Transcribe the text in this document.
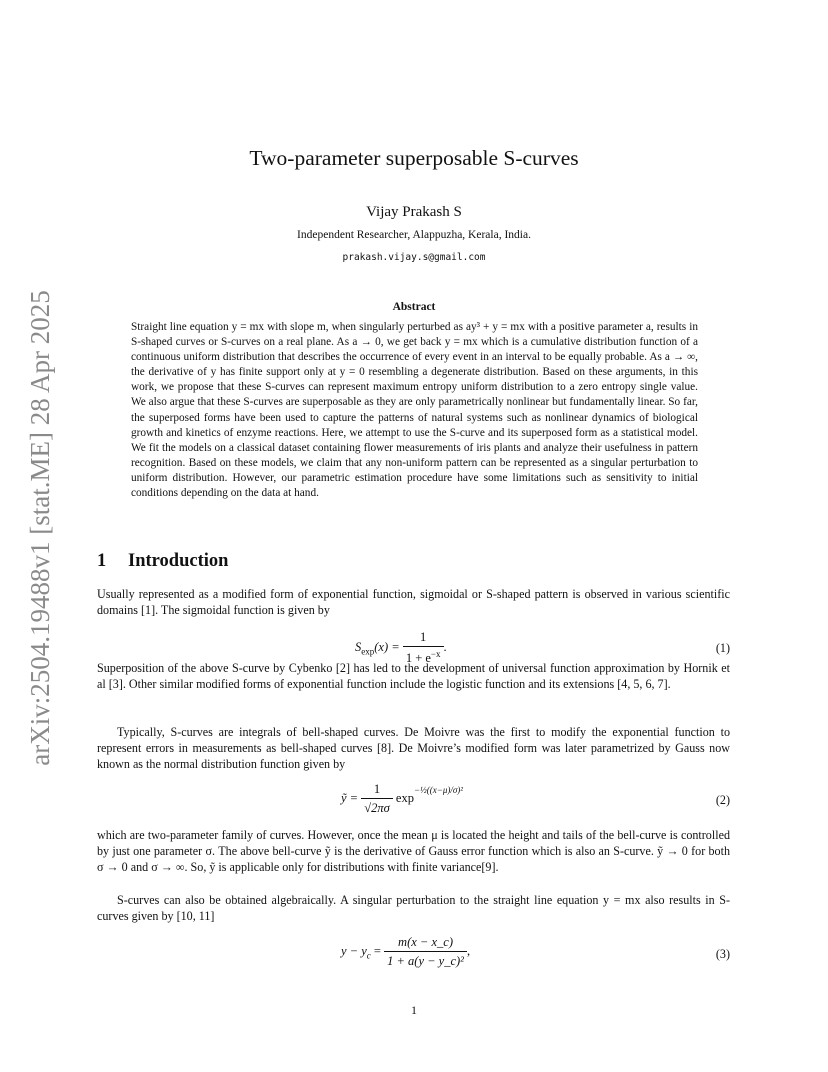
arXiv:2504.19488v1 [stat.ME] 28 Apr 2025
Two-parameter superposable S-curves
Vijay Prakash S
Independent Researcher, Alappuzha, Kerala, India.
prakash.vijay.s@gmail.com
Abstract
Straight line equation y = mx with slope m, when singularly perturbed as ay³ + y = mx with a positive parameter a, results in S-shaped curves or S-curves on a real plane. As a → 0, we get back y = mx which is a cumulative distribution function of a continuous uniform distribution that describes the occurrence of every event in an interval to be equally probable. As a → ∞, the derivative of y has finite support only at y = 0 resembling a degenerate distribution. Based on these arguments, in this work, we propose that these S-curves can represent maximum entropy uniform distribution to a zero entropy single value. We also argue that these S-curves are superposable as they are only parametrically nonlinear but fundamentally linear. So far, the superposed forms have been used to capture the patterns of natural systems such as nonlinear dynamics of biological growth and kinetics of enzyme reactions. Here, we attempt to use the S-curve and its superposed form as a statistical model. We fit the models on a classical dataset containing flower measurements of iris plants and analyze their usefulness in pattern recognition. Based on these models, we claim that any non-uniform pattern can be represented as a singular perturbation to uniform distribution. However, our parametric estimation procedure have some limitations such as sensitivity to initial conditions depending on the data at hand.
1 Introduction
Usually represented as a modified form of exponential function, sigmoidal or S-shaped pattern is observed in various scientific domains [1]. The sigmoidal function is given by
$S_{exp}(x) = \frac{1}{1 + e^{-x}}$ .	(1)
Superposition of the above S-curve by Cybenko [2] has led to the development of universal function approximation by Hornik et al [3]. Other similar modified forms of exponential function include the logistic function and its extensions [4, 5, 6, 7].
Typically, S-curves are integrals of bell-shaped curves. De Moivre was the first to modify the exponential function to represent errors in measurements as bell-shaped curves [8]. De Moivre’s modified form was later parametrized by Gauss now known as the normal distribution function given by
ỹ = $\frac{1}{√2\pi\sigma} \exp^{-\frac{1}{2}((x-\mu)/\sigma)^2}$
(2)
which are two-parameter family of curves. However, once the mean μ is located the height and tails of the bell-curve is controlled by just one parameter σ. The above bell-curve ỹ is the derivative of Gauss error function which is also an S-curve. ỹ → 0 for both σ → 0 and σ → ∞. So, ỹ is applicable only for distributions with finite variance[9].
S-curves can also be obtained algebraically. A singular perturbation to the straight line equation y = mx also results in S-curves given by [10, 11]
$y - y_c = \frac{m(x - x\_c)}{\text{1 + a(y − y\_c)²}}$ ,	(3)
1
